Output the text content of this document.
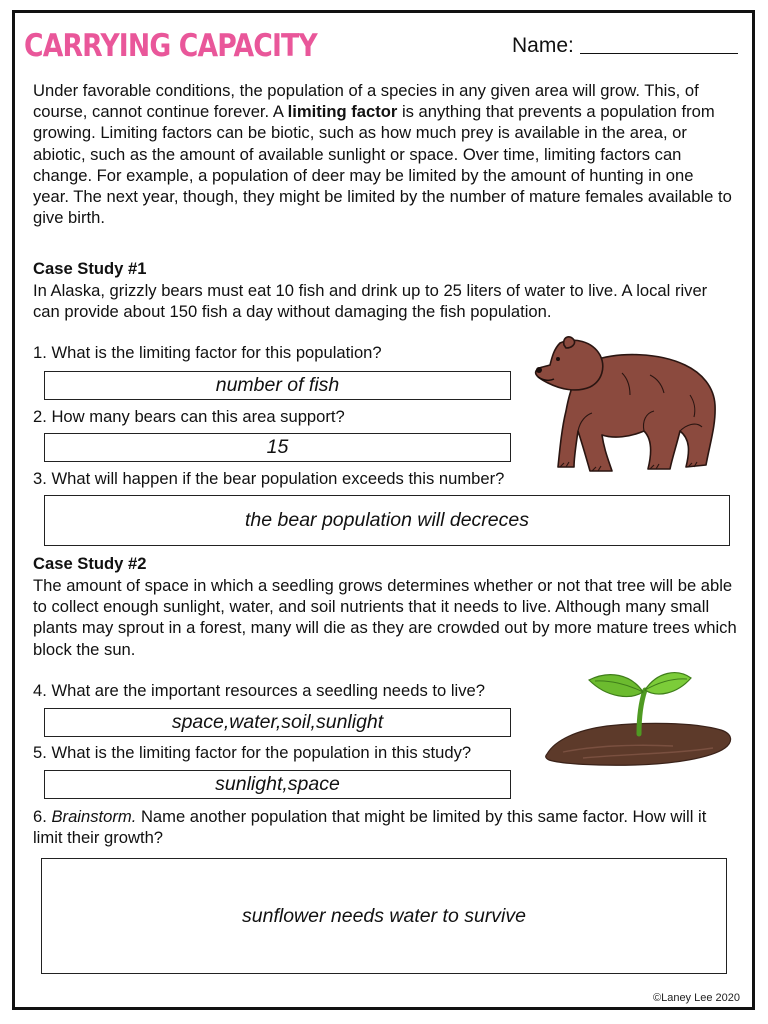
CARRYING CAPACITY	Name:

Under favorable conditions, the population of a species in any given area will grow. This, of course, cannot continue forever. A limiting factor is anything that prevents a population from growing. Limiting factors can be biotic, such as how much prey is available in the area, or abiotic, such as the amount of available sunlight or space. Over time, limiting factors can change. For example, a population of deer may be limited by the amount of hunting in one year. The next year, though, they might be limited by the number of mature females available to give birth.

Case Study #1

In Alaska, grizzly bears must eat 10 fish and drink up to 25 liters of water to live. A local river can provide about 150 fish a day without damaging the fish population.

1. What is the limiting factor for this population?

number of fish

2. How many bears can this area support?

15

3. What will happen if the bear population exceeds this number?

the bear population will decreces
Case Study #2

The amount of space in which a seedling grows determines whether or not that tree will be able to collect enough sunlight, water, and soil nutrients that it needs to live. Although many small plants may sprout in a forest, many will die as they are crowded out by more mature trees which block the sun.

4. What are the important resources a seedling needs to live?

space,water,soil,sunlight

5. What is the limiting factor for the population in this study?

sunlight,space

6. Brainstorm. Name another population that might be limited by this same factor. How will it limit their growth?

sunflower needs water to survive
©Laney Lee 2020
